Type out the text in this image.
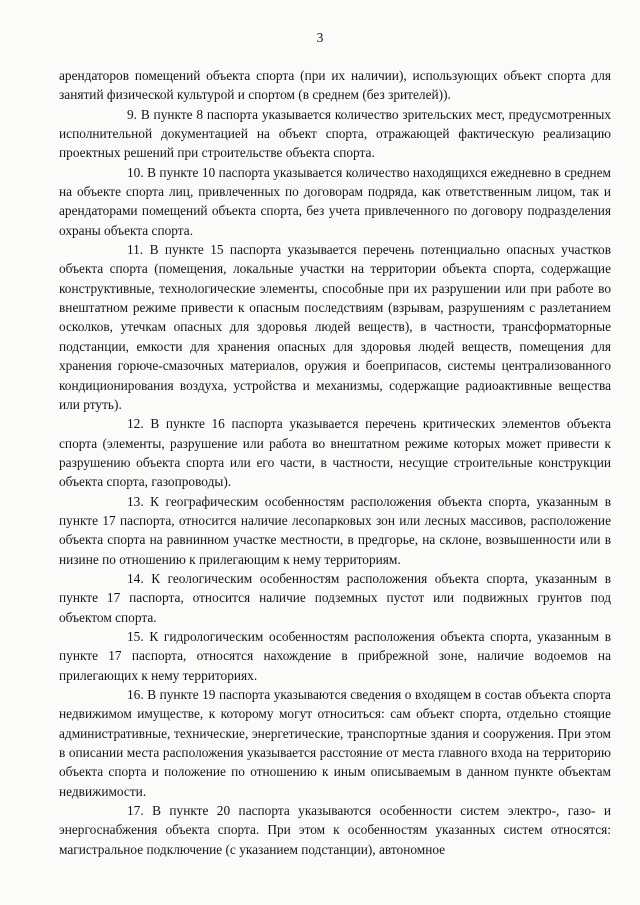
3

арендаторов помещений объекта спорта (при их наличии), использующих объект спорта для занятий физической культурой и спортом (в среднем (без зрителей)).

9. В пункте 8 паспорта указывается количество зрительских мест, предусмотренных исполнительной документацией на объект спорта, отражающей фактическую реализацию проектных решений при строительстве объекта спорта.

10. В пункте 10 паспорта указывается количество находящихся ежедневно в среднем на объекте спорта лиц, привлеченных по договорам подряда, как ответственным лицом, так и арендаторами помещений объекта спорта, без учета привлеченного по договору подразделения охраны объекта спорта.

11. В пункте 15 паспорта указывается перечень потенциально опасных участков объекта спорта (помещения, локальные участки на территории объекта спорта, содержащие конструктивные, технологические элементы, способные при их разрушении или при работе во внештатном режиме привести к опасным последствиям (взрывам, разрушениям с разлетанием осколков, утечкам опасных для здоровья людей веществ), в частности, трансформаторные подстанции, емкости для хранения опасных для здоровья людей веществ, помещения для хранения горюче-смазочных материалов, оружия и боеприпасов, системы централизованного кондиционирования воздуха, устройства и механизмы, содержащие радиоактивные вещества или ртуть).

12. В пункте 16 паспорта указывается перечень критических элементов объекта спорта (элементы, разрушение или работа во внештатном режиме которых может привести к разрушению объекта спорта или его части, в частности, несущие строительные конструкции объекта спорта, газопроводы).

13. К географическим особенностям расположения объекта спорта, указанным в пункте 17 паспорта, относится наличие лесопарковых зон или лесных массивов, расположение объекта спорта на равнинном участке местности, в предгорье, на склоне, возвышенности или в низине по отношению к прилегающим к нему территориям.

14. К геологическим особенностям расположения объекта спорта, указанным в пункте 17 паспорта, относится наличие подземных пустот или подвижных грунтов под объектом спорта.

15. К гидрологическим особенностям расположения объекта спорта, указанным в пункте 17 паспорта, относятся нахождение в прибрежной зоне, наличие водоемов на прилегающих к нему территориях.

16. В пункте 19 паспорта указываются сведения о входящем в состав объекта спорта недвижимом имуществе, к которому могут относиться: сам объект спорта, отдельно стоящие административные, технические, энергетические, транспортные здания и сооружения. При этом в описании места расположения указывается расстояние от места главного входа на территорию объекта спорта и положение по отношению к иным описываемым в данном пункте объектам недвижимости.

17. В пункте 20 паспорта указываются особенности систем электро-, газо- и энергоснабжения объекта спорта. При этом к особенностям указанных систем относятся: магистральное подключение (с указанием подстанции), автономное
